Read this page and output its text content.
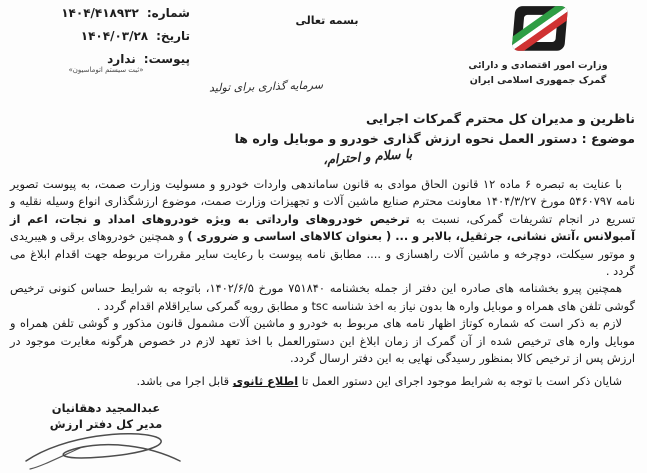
شماره:
۱۴۰۴/۴۱۸۹۳۲
تاریخ:
۱۴۰۴/۰۳/۲۸
پیوست:
ندارد
«ثبت سیستم اتوماسیون»
بسمه تعالی
وزارت امور اقتصادی و دارائی
گمرک جمهوری اسلامی ایران
سرمایه گذاری برای تولید
ناظرین و مدیران کل محترم گمرکات اجرایی
موضوع : دستور العمل نحوه ارزش گذاری خودرو و موبایل واره ها
با سلام و احترام،

با عنایت به تبصره ۶ ماده ۱۲ قانون الحاق موادی به قانون ساماندهی واردات خودرو و مسولیت وزارت صمت، به پیوست تصویر نامه ۵۴۶۰۷۹۷ مورخ ۱۴۰۴/۳/۲۷ معاونت محترم صنایع ماشین آلات و تجهیزات وزارت صمت، موضوع ارزشگذاری انواع وسیله نقلیه و تسریع در انجام تشریفات گمرکی، نسبت به ترخیص خودروهای وارداتی به ویژه خودروهای امداد و نجات، اعم از آمبولانس ،آتش نشانی، جرثقیل، بالابر و ... ( بعنوان کالاهای اساسی و ضروری ) و همچنین خودروهای برقی و هیبریدی و موتور سیکلت، دوچرخه و ماشین آلات راهسازی و .... مطابق نامه پیوست با رعایت سایر مقررات مربوطه جهت اقدام ابلاغ می گردد .

همچنین پیرو بخشنامه های صادره این دفتر از جمله بخشنامه ۷۵۱۸۴۰ مورخ ۱۴۰۲/۶/۵، باتوجه به شرایط حساس کنونی ترخیص گوشی تلفن های همراه و موبایل واره ها بدون نیاز به اخذ شناسه tsc و مطابق رویه گمرکی سایراقلام اقدام گردد .

لازم به ذکر است که شماره کوتاژ اظهار نامه های مربوط به خودرو و ماشین آلات مشمول قانون مذکور و گوشی تلفن همراه و موبایل واره های ترخیص شده از آن گمرک از زمان ابلاغ این دستورالعمل با اخذ تعهد لازم در خصوص هرگونه مغایرت موجود در ارزش پس از ترخیص کالا بمنظور رسیدگی نهایی به این دفتر ارسال گردد.

شایان ذکر است با توجه به شرایط موجود اجرای این دستور العمل تا اطلاع ثانوی قابل اجرا می باشد.

عبدالمجید دهقانیان
مدیر کل دفتر ارزش
